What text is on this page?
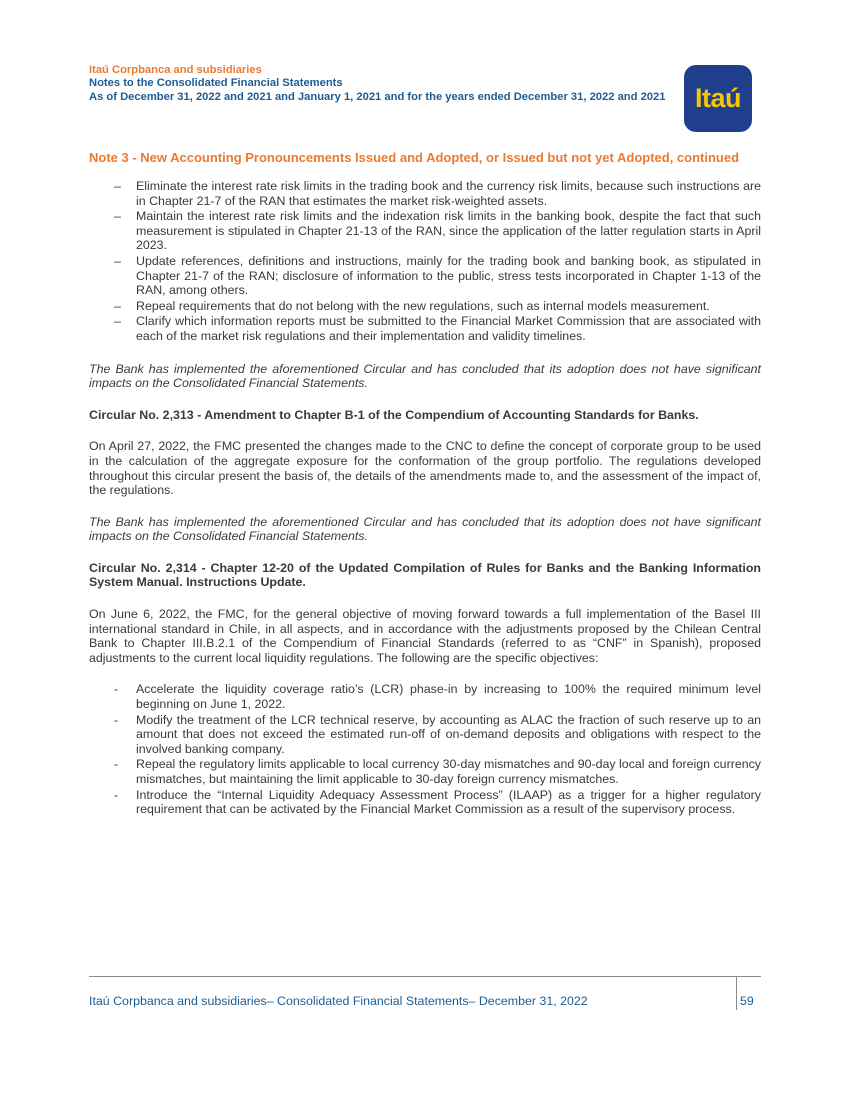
Itaú Corpbanca and subsidiaries
Notes to the Consolidated Financial Statements
As of December 31, 2022 and 2021 and January 1, 2021 and for the years ended December 31, 2022 and 2021	Itaú
Note 3 - New Accounting Pronouncements Issued and Adopted, or Issued but not yet Adopted, continued
– Eliminate the interest rate risk limits in the trading book and the currency risk limits, because such instructions are in Chapter 21-7 of the RAN that estimates the market risk-weighted assets.
– Maintain the interest rate risk limits and the indexation risk limits in the banking book, despite the fact that such measurement is stipulated in Chapter 21-13 of the RAN, since the application of the latter regulation starts in April 2023.
– Update references, definitions and instructions, mainly for the trading book and banking book, as stipulated in Chapter 21-7 of the RAN; disclosure of information to the public, stress tests incorporated in Chapter 1-13 of the RAN, among others.
– Repeal requirements that do not belong with the new regulations, such as internal models measurement.
– Clarify which information reports must be submitted to the Financial Market Commission that are associated with each of the market risk regulations and their implementation and validity timelines.

The Bank has implemented the aforementioned Circular and has concluded that its adoption does not have significant impacts on the Consolidated Financial Statements.

Circular No. 2,313 - Amendment to Chapter B-1 of the Compendium of Accounting Standards for Banks.

On April 27, 2022, the FMC presented the changes made to the CNC to define the concept of corporate group to be used in the calculation of the aggregate exposure for the conformation of the group portfolio. The regulations developed throughout this circular present the basis of, the details of the amendments made to, and the assessment of the impact of, the regulations.

The Bank has implemented the aforementioned Circular and has concluded that its adoption does not have significant impacts on the Consolidated Financial Statements.

Circular No. 2,314 - Chapter 12-20 of the Updated Compilation of Rules for Banks and the Banking Information System Manual. Instructions Update.

On June 6, 2022, the FMC, for the general objective of moving forward towards a full implementation of the Basel III international standard in Chile, in all aspects, and in accordance with the adjustments proposed by the Chilean Central Bank to Chapter III.B.2.1 of the Compendium of Financial Standards (referred to as “CNF” in Spanish), proposed adjustments to the current local liquidity regulations. The following are the specific objectives:

- Accelerate the liquidity coverage ratio’s (LCR) phase-in by increasing to 100% the required minimum level beginning on June 1, 2022.
- Modify the treatment of the LCR technical reserve, by accounting as ALAC the fraction of such reserve up to an amount that does not exceed the estimated run-off of on-demand deposits and obligations with respect to the involved banking company.
- Repeal the regulatory limits applicable to local currency 30-day mismatches and 90-day local and foreign currency mismatches, but maintaining the limit applicable to 30-day foreign currency mismatches.
- Introduce the “Internal Liquidity Adequacy Assessment Process” (ILAAP) as a trigger for a higher regulatory requirement that can be activated by the Financial Market Commission as a result of the supervisory process.
Itaú Corpbanca and subsidiaries– Consolidated Financial Statements– December 31, 2022	59
